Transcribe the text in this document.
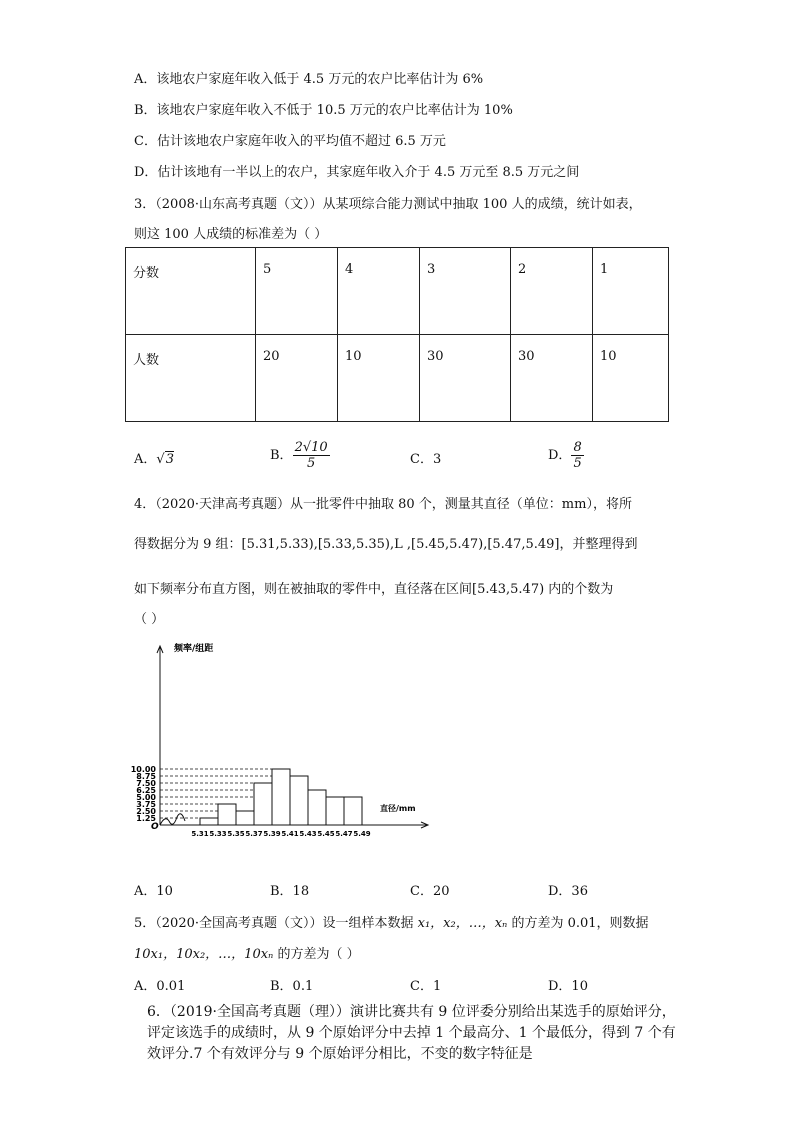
A．该地农户家庭年收入低于 4.5 万元的农户比率估计为 6%
B．该地农户家庭年收入不低于 10.5 万元的农户比率估计为 10%
C．估计该地农户家庭年收入的平均值不超过 6.5 万元
D．估计该地有一半以上的农户，其家庭年收入介于 4.5 万元至 8.5 万元之间
3．（2008·山东高考真题（文））从某项综合能力测试中抽取 100 人的成绩，统计如表，
则这 100 人成绩的标准差为（ ）
分数	5	4	3	2	1
人数	20	10	30	30	10
A．√3	B． $\frac{2√10}{5}$	C．3	D． $\frac{8}{5}$
4．（2020·天津高考真题）从一批零件中抽取 80 个，测量其直径（单位：mm），将所
得数据分为 9 组：[5.31,5.33),[5.33,5.35),L ,[5.45,5.47),[5.47,5.49]，并整理得到
如下频率分布直方图，则在被抽取的零件中，直径落在区间[5.43,5.47) 内的个数为
（ ）
频率/组距
直径/mm
O
1.25
2.50
3.75
5.00
6.25
7.50
8.75
10.00
5.31 5.33 5.35 5.37 5.39 5.41 5.43 5.45 5.47 5.49
A．10	B．18	C．20	D．36
5．（2020·全国高考真题（文））设一组样本数据 x₁，x₂，…，xₙ 的方差为 0.01，则数据
10x₁，10x₂，…，10xₙ 的方差为（ ）
A．0.01	B．0.1	C．1	D．10
6．（2019·全国高考真题（理））演讲比赛共有 9 位评委分别给出某选手的原始评分，
评定该选手的成绩时，从 9 个原始评分中去掉 1 个最高分、1 个最低分，得到 7 个有
效评分.7 个有效评分与 9 个原始评分相比，不变的数字特征是
